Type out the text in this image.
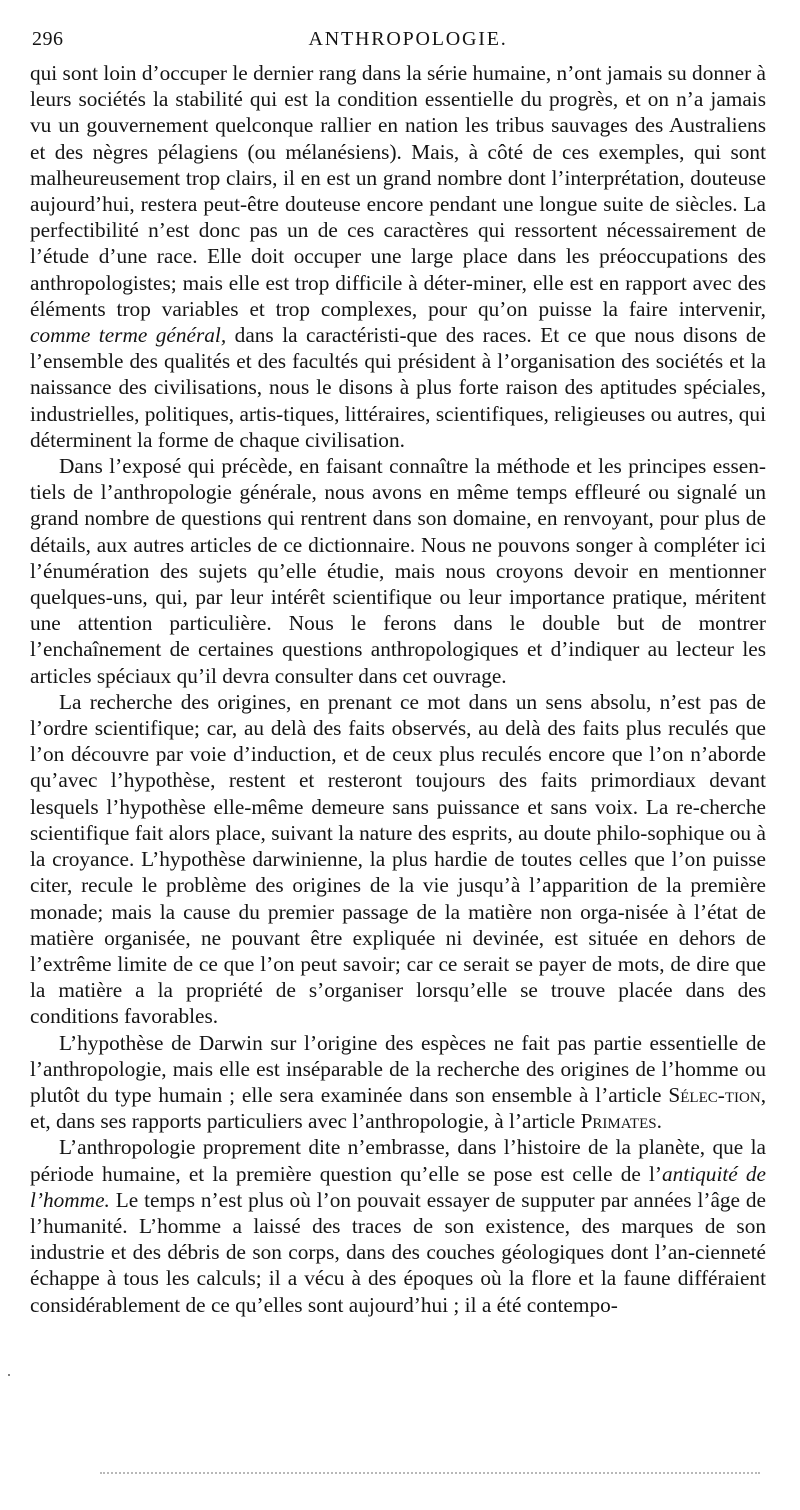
296	ANTHROPOLOGIE.

qui sont loin d’occuper le dernier rang dans la série humaine, n’ont jamais su donner à leurs sociétés la stabilité qui est la condition essentielle du progrès, et on n’a jamais vu un gouvernement quelconque rallier en nation les tribus sauvages des Australiens et des nègres pélagiens (ou mélanésiens). Mais, à côté de ces exemples, qui sont malheureusement trop clairs, il en est un grand nombre dont l’interprétation, douteuse aujourd’hui, restera peut-être douteuse encore pendant une longue suite de siècles. La perfectibilité n’est donc pas un de ces caractères qui ressortent nécessairement de l’étude d’une race. Elle doit occuper une large place dans les préoccupations des anthropologistes; mais elle est trop difficile à déter-miner, elle est en rapport avec des éléments trop variables et trop complexes, pour qu’on puisse la faire intervenir, comme terme général, dans la caractéristi-que des races. Et ce que nous disons de l’ensemble des qualités et des facultés qui président à l’organisation des sociétés et la naissance des civilisations, nous le disons à plus forte raison des aptitudes spéciales, industrielles, politiques, artis-tiques, littéraires, scientifiques, religieuses ou autres, qui déterminent la forme de chaque civilisation.

Dans l’exposé qui précède, en faisant connaître la méthode et les principes essen-tiels de l’anthropologie générale, nous avons en même temps effleuré ou signalé un grand nombre de questions qui rentrent dans son domaine, en renvoyant, pour plus de détails, aux autres articles de ce dictionnaire. Nous ne pouvons songer à compléter ici l’énumération des sujets qu’elle étudie, mais nous croyons devoir en mentionner quelques-uns, qui, par leur intérêt scientifique ou leur importance pratique, méritent une attention particulière. Nous le ferons dans le double but de montrer l’enchaînement de certaines questions anthropologiques et d’indiquer au lecteur les articles spéciaux qu’il devra consulter dans cet ouvrage.

La recherche des origines, en prenant ce mot dans un sens absolu, n’est pas de l’ordre scientifique; car, au delà des faits observés, au delà des faits plus reculés que l’on découvre par voie d’induction, et de ceux plus reculés encore que l’on n’aborde qu’avec l’hypothèse, restent et resteront toujours des faits primordiaux devant lesquels l’hypothèse elle-même demeure sans puissance et sans voix. La re-cherche scientifique fait alors place, suivant la nature des esprits, au doute philo-sophique ou à la croyance. L’hypothèse darwinienne, la plus hardie de toutes celles que l’on puisse citer, recule le problème des origines de la vie jusqu’à l’apparition de la première monade; mais la cause du premier passage de la matière non orga-nisée à l’état de matière organisée, ne pouvant être expliquée ni devinée, est située en dehors de l’extrême limite de ce que l’on peut savoir; car ce serait se payer de mots, de dire que la matière a la propriété de s’organiser lorsqu’elle se trouve placée dans des conditions favorables.

L’hypothèse de Darwin sur l’origine des espèces ne fait pas partie essentielle de l’anthropologie, mais elle est inséparable de la recherche des origines de l’homme ou plutôt du type humain ; elle sera examinée dans son ensemble à l’article Sélec-tion, et, dans ses rapports particuliers avec l’anthropologie, à l’article Primates.

L’anthropologie proprement dite n’embrasse, dans l’histoire de la planète, que la période humaine, et la première question qu’elle se pose est celle de l’antiquité de l’homme. Le temps n’est plus où l’on pouvait essayer de supputer par années l’âge de l’humanité. L’homme a laissé des traces de son existence, des marques de son industrie et des débris de son corps, dans des couches géologiques dont l’an-cienneté échappe à tous les calculs; il a vécu à des époques où la flore et la faune différaient considérablement de ce qu’elles sont aujourd’hui ; il a été contempo-
